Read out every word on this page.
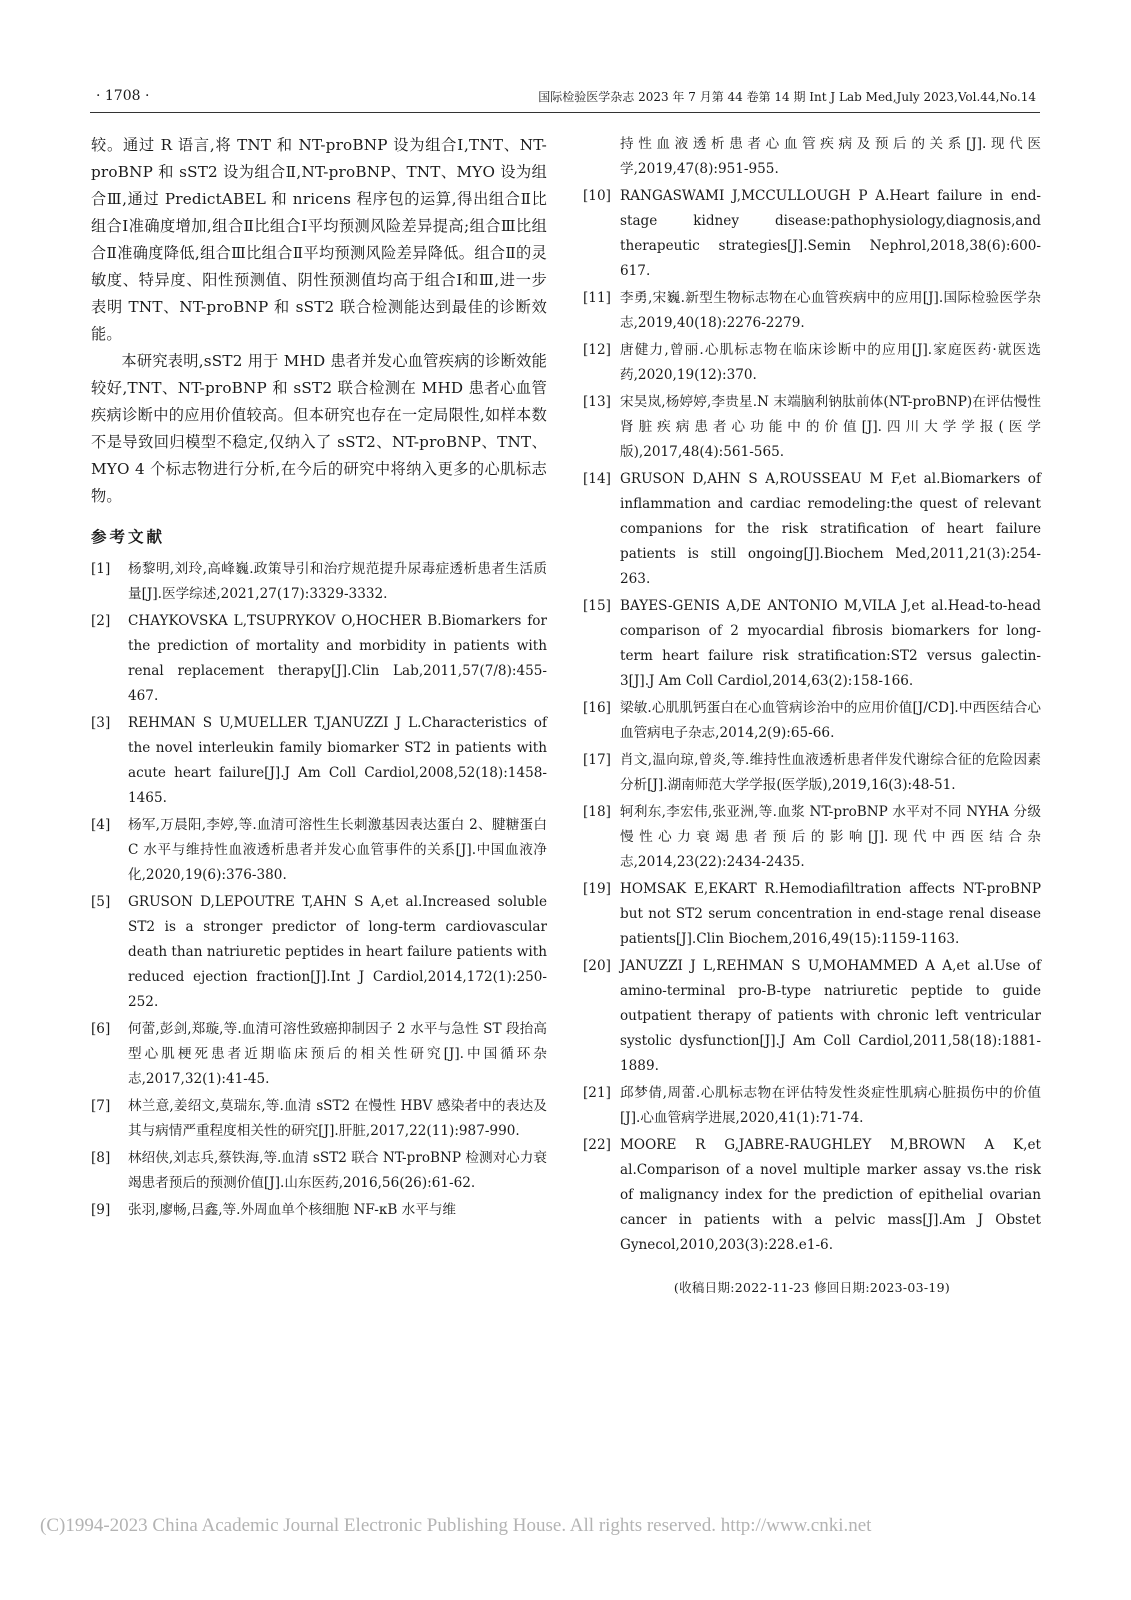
· 1708 ·	国际检验医学杂志 2023 年 7 月第 44 卷第 14 期 Int J Lab Med,July 2023,Vol.44,No.14

较。通过 R 语言,将 TNT 和 NT-proBNP 设为组合Ⅰ,TNT、NT-proBNP 和 sST2 设为组合Ⅱ,NT-proBNP、TNT、MYO 设为组合Ⅲ,通过 PredictABEL 和 nricens 程序包的运算,得出组合Ⅱ比组合Ⅰ准确度增加,组合Ⅱ比组合Ⅰ平均预测风险差异提高;组合Ⅲ比组合Ⅱ准确度降低,组合Ⅲ比组合Ⅱ平均预测风险差异降低。组合Ⅱ的灵敏度、特异度、阳性预测值、阴性预测值均高于组合Ⅰ和Ⅲ,进一步表明 TNT、NT-proBNP 和 sST2 联合检测能达到最佳的诊断效能。

本研究表明,sST2 用于 MHD 患者并发心血管疾病的诊断效能较好,TNT、NT-proBNP 和 sST2 联合检测在 MHD 患者心血管疾病诊断中的应用价值较高。但本研究也存在一定局限性,如样本数不是导致回归模型不稳定,仅纳入了 sST2、NT-proBNP、TNT、MYO 4 个标志物进行分析,在今后的研究中将纳入更多的心肌标志物。

参考文献
[1] 杨黎明,刘玲,高峰巍.政策导引和治疗规范提升尿毒症透析患者生活质量[J].医学综述,2021,27(17):3329-3332.
[2] CHAYKOVSKA L,TSUPRYKOV O,HOCHER B.Biomarkers for the prediction of mortality and morbidity in patients with renal replacement therapy[J].Clin Lab,2011,57(7/8):455-467.
[3] REHMAN S U,MUELLER T,JANUZZI J L.Characteristics of the novel interleukin family biomarker ST2 in patients with acute heart failure[J].J Am Coll Cardiol,2008,52(18):1458-1465.
[4] 杨军,万晨阳,李婷,等.血清可溶性生长刺激基因表达蛋白 2、腱糖蛋白 C 水平与维持性血液透析患者并发心血管事件的关系[J].中国血液净化,2020,19(6):376-380.
[5] GRUSON D,LEPOUTRE T,AHN S A,et al.Increased soluble ST2 is a stronger predictor of long-term cardiovascular death than natriuretic peptides in heart failure patients with reduced ejection fraction[J].Int J Cardiol,2014,172(1):250-252.
[6] 何蕾,彭剑,郑璇,等.血清可溶性致癌抑制因子 2 水平与急性 ST 段抬高型心肌梗死患者近期临床预后的相关性研究[J].中国循环杂志,2017,32(1):41-45.
[7] 林兰意,姜绍文,莫瑞东,等.血清 sST2 在慢性 HBV 感染者中的表达及其与病情严重程度相关性的研究[J].肝脏,2017,22(11):987-990.
[8] 林绍侠,刘志兵,蔡铁海,等.血清 sST2 联合 NT-proBNP 检测对心力衰竭患者预后的预测价值[J].山东医药,2016,56(26):61-62.
[9] 张羽,廖畅,吕鑫,等.外周血单个核细胞 NF-κB 水平与维
持性血液透析患者心血管疾病及预后的关系[J].现代医学,2019,47(8):951-955.
[10] RANGASWAMI J,MCCULLOUGH P A.Heart failure in end-stage kidney disease:pathophysiology,diagnosis,and therapeutic strategies[J].Semin Nephrol,2018,38(6):600-617.
[11] 李勇,宋巍.新型生物标志物在心血管疾病中的应用[J].国际检验医学杂志,2019,40(18):2276-2279.
[12] 唐健力,曾丽.心肌标志物在临床诊断中的应用[J].家庭医药·就医选药,2020,19(12):370.
[13] 宋昊岚,杨婷婷,李贵星.N 末端脑利钠肽前体(NT-proBNP)在评估慢性肾脏疾病患者心功能中的价值[J].四川大学学报(医学版),2017,48(4):561-565.
[14] GRUSON D,AHN S A,ROUSSEAU M F,et al.Biomarkers of inflammation and cardiac remodeling:the quest of relevant companions for the risk stratification of heart failure patients is still ongoing[J].Biochem Med,2011,21(3):254-263.
[15] BAYES-GENIS A,DE ANTONIO M,VILA J,et al.Head-to-head comparison of 2 myocardial fibrosis biomarkers for long-term heart failure risk stratification:ST2 versus galectin-3[J].J Am Coll Cardiol,2014,63(2):158-166.
[16] 梁敏.心肌肌钙蛋白在心血管病诊治中的应用价值[J/CD].中西医结合心血管病电子杂志,2014,2(9):65-66.
[17] 肖文,温向琼,曾炎,等.维持性血液透析患者伴发代谢综合征的危险因素分析[J].湖南师范大学学报(医学版),2019,16(3):48-51.
[18] 轲利东,李宏伟,张亚洲,等.血浆 NT-proBNP 水平对不同 NYHA 分级慢性心力衰竭患者预后的影响[J].现代中西医结合杂志,2014,23(22):2434-2435.
[19] HOMSAK E,EKART R.Hemodiafiltration affects NT-proBNP but not ST2 serum concentration in end-stage renal disease patients[J].Clin Biochem,2016,49(15):1159-1163.
[20] JANUZZI J L,REHMAN S U,MOHAMMED A A,et al.Use of amino-terminal pro-B-type natriuretic peptide to guide outpatient therapy of patients with chronic left ventricular systolic dysfunction[J].J Am Coll Cardiol,2011,58(18):1881-1889.
[21] 邱梦倩,周蕾.心肌标志物在评估特发性炎症性肌病心脏损伤中的价值[J].心血管病学进展,2020,41(1):71-74.
[22] MOORE R G,JABRE-RAUGHLEY M,BROWN A K,et al.Comparison of a novel multiple marker assay vs.the risk of malignancy index for the prediction of epithelial ovarian cancer in patients with a pelvic mass[J].Am J Obstet Gynecol,2010,203(3):228.e1-6.
(收稿日期:2022-11-23 修回日期:2023-03-19)
(C)1994-2023 China Academic Journal Electronic Publishing House. All rights reserved. http://www.cnki.net
